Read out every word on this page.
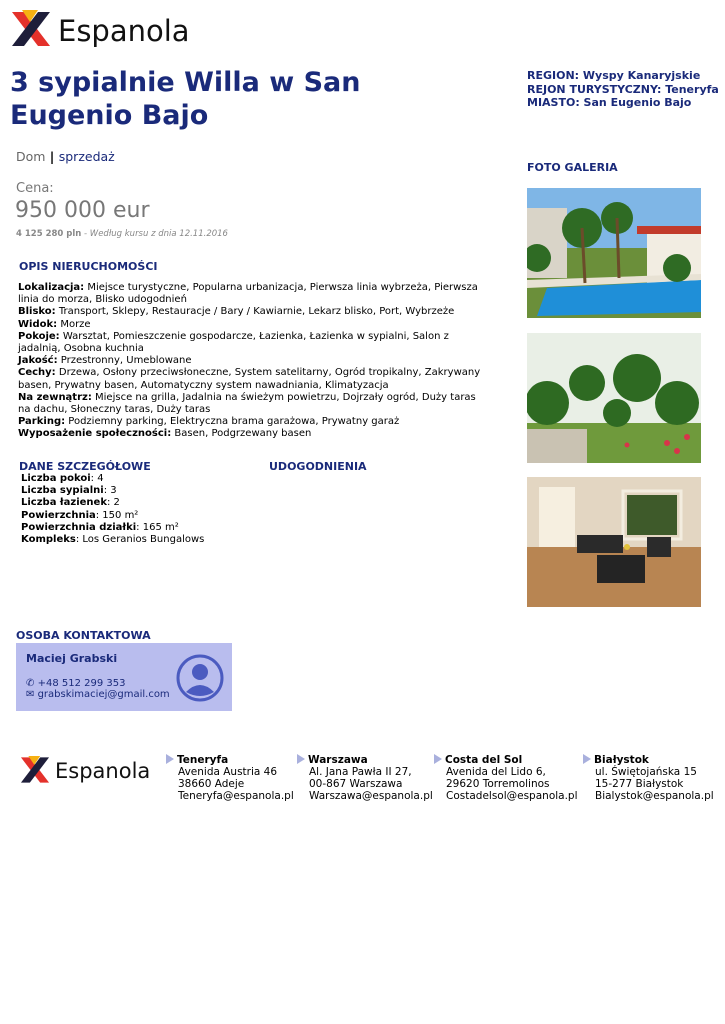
Espanola
3 sypialnie Willa w San Eugenio Bajo
REGION: Wyspy Kanaryjskie
REJON TURYSTYCZNY: Teneryfa
MIASTO: San Eugenio Bajo
Dom | sprzedaż
Cena:
950 000 eur
4 125 280 pln - Według kursu z dnia 12.11.2016
OPIS NIERUCHOMOŚCI

Lokalizacja: Miejsce turystyczne, Popularna urbanizacja, Pierwsza linia wybrzeża, Pierwsza linia do morza, Blisko udogodnień

Blisko: Transport, Sklepy, Restauracje / Bary / Kawiarnie, Lekarz blisko, Port, Wybrzeże

Widok: Morze

Pokoje: Warsztat, Pomieszczenie gospodarcze, Łazienka, Łazienka w sypialni, Salon z jadalnią, Osobna kuchnia

Jakość: Przestronny, Umeblowane

Cechy: Drzewa, Osłony przeciwsłoneczne, System satelitarny, Ogród tropikalny, Zakrywany basen, Prywatny basen, Automatyczny system nawadniania, Klimatyzacja

Na zewnątrz: Miejsce na grilla, Jadalnia na świeżym powietrzu, Dojrzały ogród, Duży taras na dachu, Słoneczny taras, Duży taras

Parking: Podziemny parking, Elektryczna brama garażowa, Prywatny garaż

Wyposażenie społeczności: Basen, Podgrzewany basen

DANE SZCZEGÓŁOWE

Liczba pokoi: 4

Liczba sypialni: 3

Liczba łazienek: 2

Powierzchnia: 150 m²

Powierzchnia działki: 165 m²

Kompleks: Los Geranios Bungalows

UDOGODNIENIA
FOTO GALERIA
OSOBA KONTAKTOWA
Maciej Grabski
✆ +48 512 299 353
✉ grabskimaciej@gmail.com
Espanola	Teneryfa
Avenida Austria 46
38660 Adeje
Teneryfa@espanola.pl
Warszawa
Al. Jana Pawła II 27,
00-867 Warszawa
Warszawa@espanola.pl
Costa del Sol
Avenida del Lido 6,
29620 Torremolinos
Costadelsol@espanola.pl
Białystok
ul. Świętojańska 15
15-277 Białystok
Bialystok@espanola.pl
